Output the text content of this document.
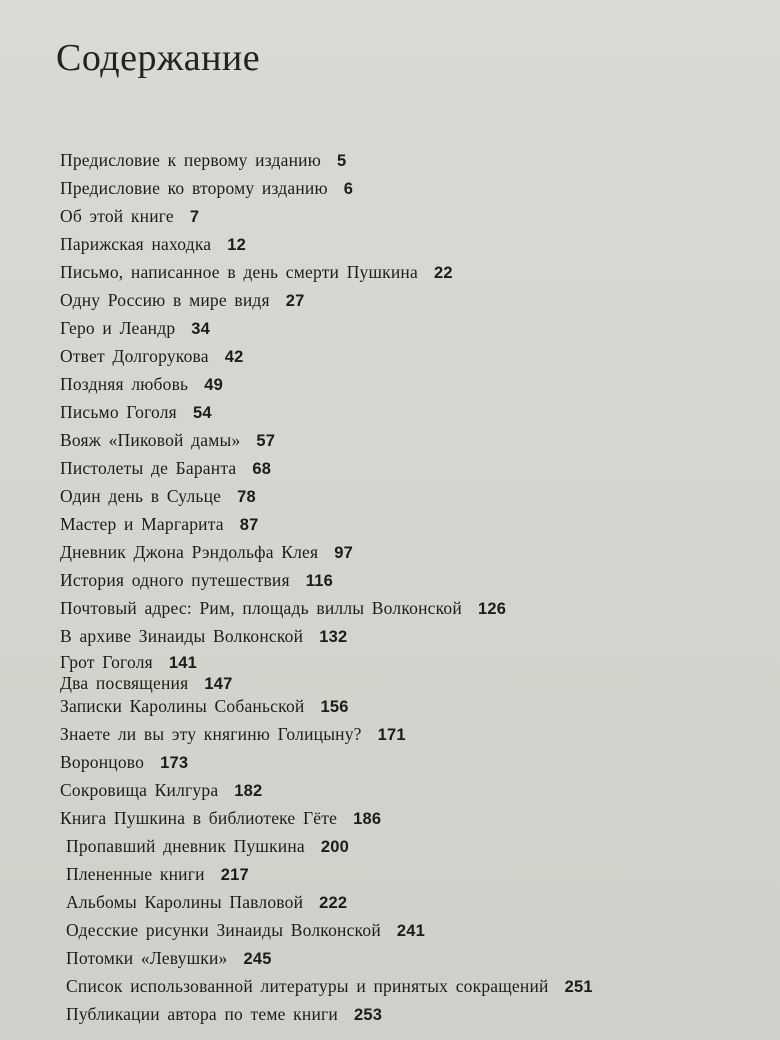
Содержание
Предисловие к первому изданию 5
Предисловие ко второму изданию 6
Об этой книге 7
Парижская находка 12
Письмо, написанное в день смерти Пушкина 22
Одну Россию в мире видя 27
Геро и Леандр 34
Ответ Долгорукова 42
Поздняя любовь 49
Письмо Гоголя 54
Вояж «Пиковой дамы» 57
Пистолеты де Баранта 68
Один день в Сульце 78
Мастер и Маргарита 87
Дневник Джона Рэндольфа Клея 97
История одного путешествия 116
Почтовый адрес: Рим, площадь виллы Волконской 126
В архиве Зинаиды Волконской 132
Грот Гоголя 141
Два посвящения 147
Записки Каролины Собаньской 156
Знаете ли вы эту княгиню Голицыну? 171
Воронцово 173
Сокровища Килгура 182
Книга Пушкина в библиотеке Гёте 186
Пропавший дневник Пушкина 200
Плененные книги 217
Альбомы Каролины Павловой 222
Одесские рисунки Зинаиды Волконской 241
Потомки «Левушки» 245
Список использованной литературы и принятых сокращений 251
Публикации автора по теме книги 253
